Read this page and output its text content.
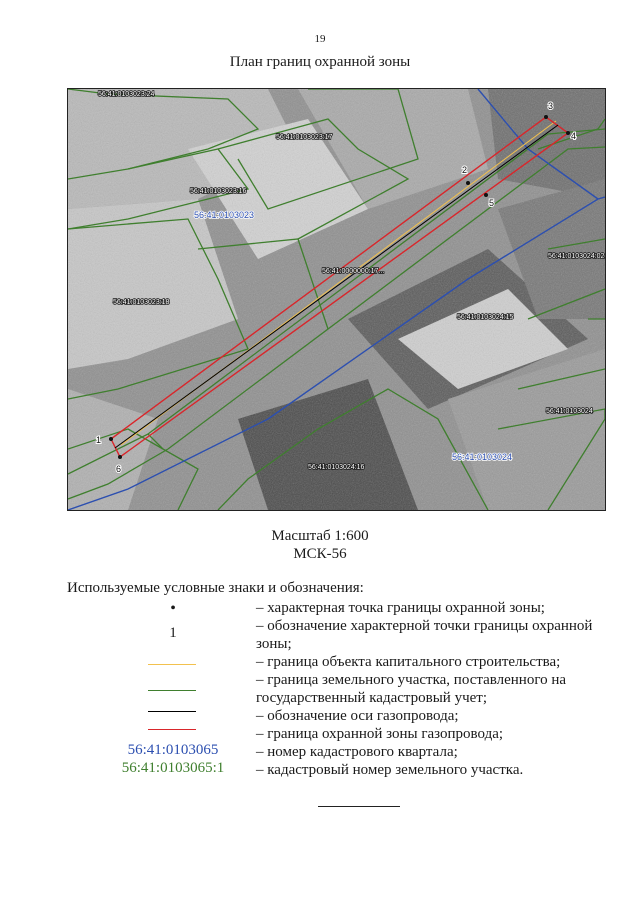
19
План границ охранной зоны
1
2
3
4
5
6
56:41:0103023:24
56:41:0103023:17
56:41:0103023:16
56:41:0103023
56:41:0103023:18
56:41:0000000:17...
56:41:0103024:15
56:41:0103024:02
56:41:0103024
56:41:0103024
56:41:0103024:16
Масштаб 1:600
МСК-56
Используемые условные знаки и обозначения:
•	– характерная точка границы охранной зоны;
1	– обозначение характерной точки границы охранной зоны;
– граница объекта капитального строительства;
– граница земельного участка, поставленного на государственный кадастровый учет;
– обозначение оси газопровода;
– граница охранной зоны газопровода;
56:41:0103065	– номер кадастрового квартала;
56:41:0103065:1	– кадастровый номер земельного участка.
